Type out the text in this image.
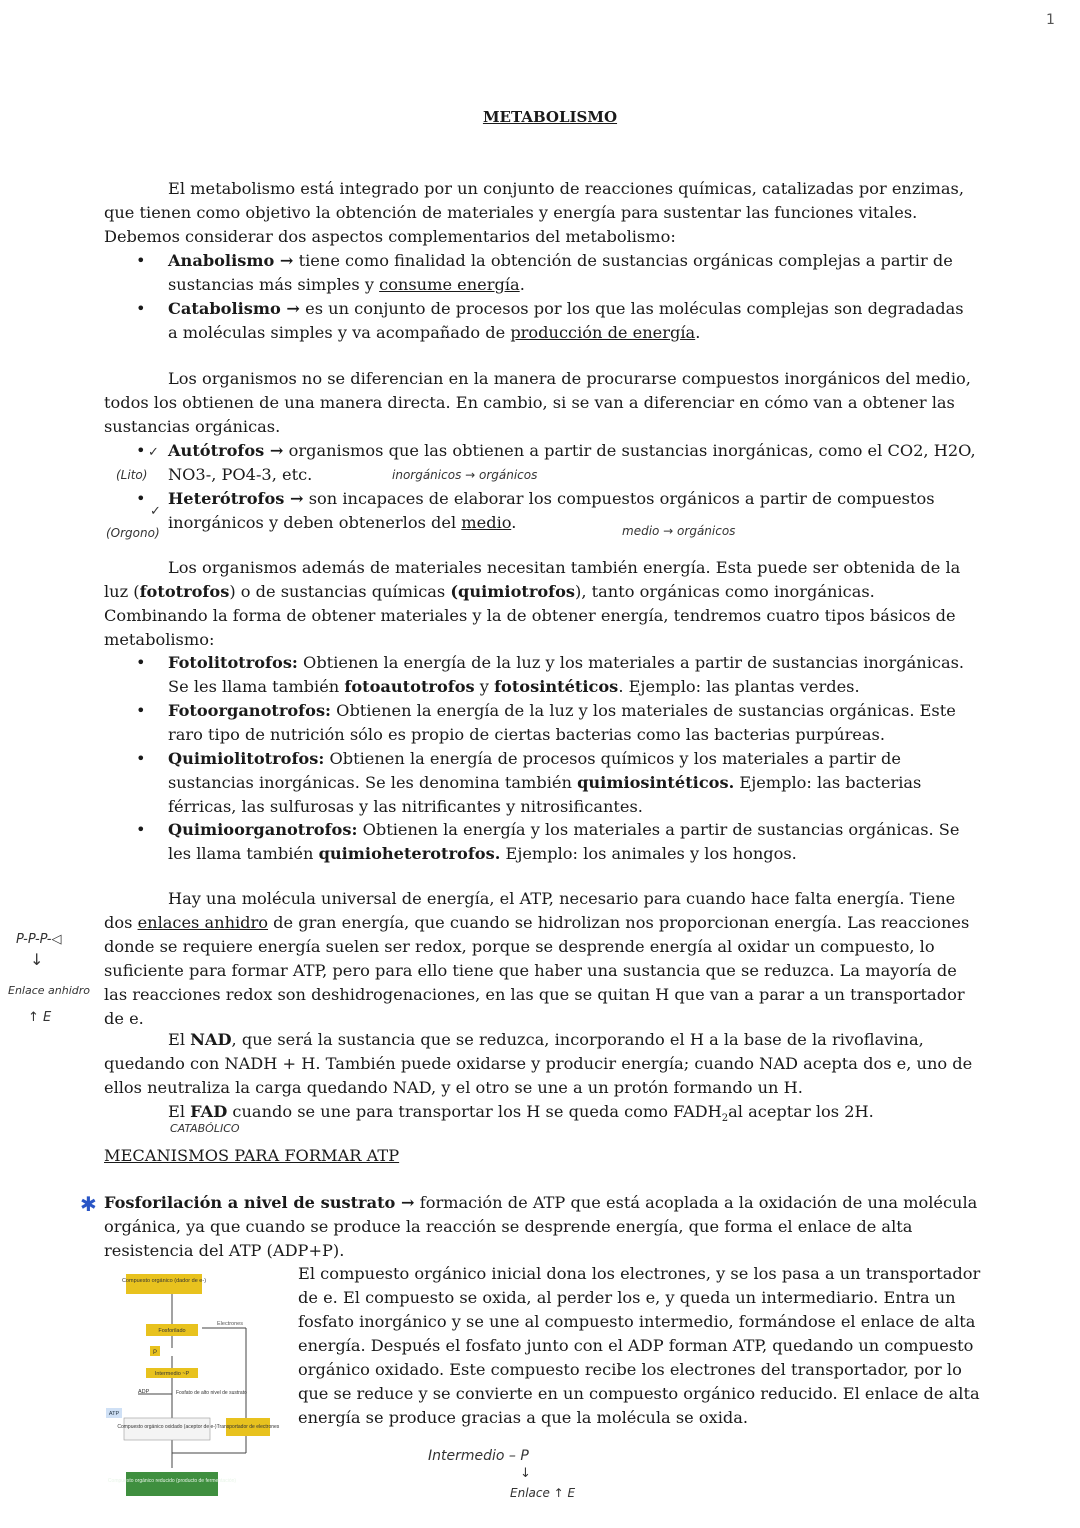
1
METABOLISMO
El metabolismo está integrado por un conjunto de reacciones químicas, catalizadas por enzimas,
que tienen como objetivo la obtención de materiales y energía para sustentar las funciones vitales.
Debemos considerar dos aspectos complementarios del metabolismo:
• Anabolismo → tiene como finalidad la obtención de sustancias orgánicas complejas a partir de
sustancias más simples y consume energía.
• Catabolismo → es un conjunto de procesos por los que las moléculas complejas son degradadas
a moléculas simples y va acompañado de producción de energía.
Los organismos no se diferencian en la manera de procurarse compuestos inorgánicos del medio,
todos los obtienen de una manera directa. En cambio, si se van a diferenciar en cómo van a obtener las
sustancias orgánicas.
• ✓ Autótrofos → organismos que las obtienen a partir de sustancias inorgánicas, como el CO2, H2O,
NO3-, PO4-3, etc.
(Lito)	inorgánicos → orgánicos
•
✓
Heterótrofos → son incapaces de elaborar los compuestos orgánicos a partir de compuestos
inorgánicos y deben obtenerlos del medio.
(Orgono)	medio → orgánicos
Los organismos además de materiales necesitan también energía. Esta puede ser obtenida de la
luz (fototrofos) o de sustancias químicas (quimiotrofos), tanto orgánicas como inorgánicas.
Combinando la forma de obtener materiales y la de obtener energía, tendremos cuatro tipos básicos de
metabolismo:
• Fotolitotrofos: Obtienen la energía de la luz y los materiales a partir de sustancias inorgánicas.
Se les llama también fotoautotrofos y fotosintéticos. Ejemplo: las plantas verdes.
• Fotoorganotrofos: Obtienen la energía de la luz y los materiales de sustancias orgánicas. Este
raro tipo de nutrición sólo es propio de ciertas bacterias como las bacterias purpúreas.
• Quimiolitotrofos: Obtienen la energía de procesos químicos y los materiales a partir de
sustancias inorgánicas. Se les denomina también quimiosintéticos. Ejemplo: las bacterias
férricas, las sulfurosas y las nitrificantes y nitrosificantes.
• Quimioorganotrofos: Obtienen la energía y los materiales a partir de sustancias orgánicas. Se
les llama también quimioheterotrofos. Ejemplo: los animales y los hongos.
Hay una molécula universal de energía, el ATP, necesario para cuando hace falta energía. Tiene
dos enlaces anhidro de gran energía, que cuando se hidrolizan nos proporcionan energía. Las reacciones
donde se requiere energía suelen ser redox, porque se desprende energía al oxidar un compuesto, lo
suficiente para formar ATP, pero para ello tiene que haber una sustancia que se reduzca. La mayoría de
las reacciones redox son deshidrogenaciones, en las que se quitan H que van a parar a un transportador
de e.
P-P-P-◁
↓
Enlace anhidro
↑ E
El NAD, que será la sustancia que se reduzca, incorporando el H a la base de la rivoflavina,
quedando con NADH + H. También puede oxidarse y producir energía; cuando NAD acepta dos e, uno de
ellos neutraliza la carga quedando NAD, y el otro se une a un protón formando un H.
El FAD cuando se une para transportar los H se queda como $FADH_2al$ aceptar los 2H.
CATABÓLICO
MECANISMOS PARA FORMAR ATP
✱ Fosforilación a nivel de sustrato → formación de ATP que está acoplada a la oxidación de una molécula
orgánica, ya que cuando se produce la reacción se desprende energía, que forma el enlace de alta
resistencia del ATP (ADP+P).
El compuesto orgánico inicial dona los electrones, y se los pasa a un transportador
de e. El compuesto se oxida, al perder los e, y queda un intermediario. Entra un
fosfato inorgánico y se une al compuesto intermedio, formándose el enlace de alta
energía. Después el fosfato junto con el ADP forman ATP, quedando un compuesto
orgánico oxidado. Este compuesto recibe los electrones del transportador, por lo
que se reduce y se convierte en un compuesto orgánico reducido. El enlace de alta
energía se produce gracias a que la molécula se oxida.
Compuesto orgánico (dador de e-)
Fosforilado
Electrones
P
Intermedio ~P
ADP	Fosfato de alto nivel de sustrato
ATP
Compuesto orgánico oxidado (aceptor de e-) Transportador de electrones
Compuesto orgánico reducido (producto de fermentación)
Intermedio – P
↓
Enlace ↑ E
